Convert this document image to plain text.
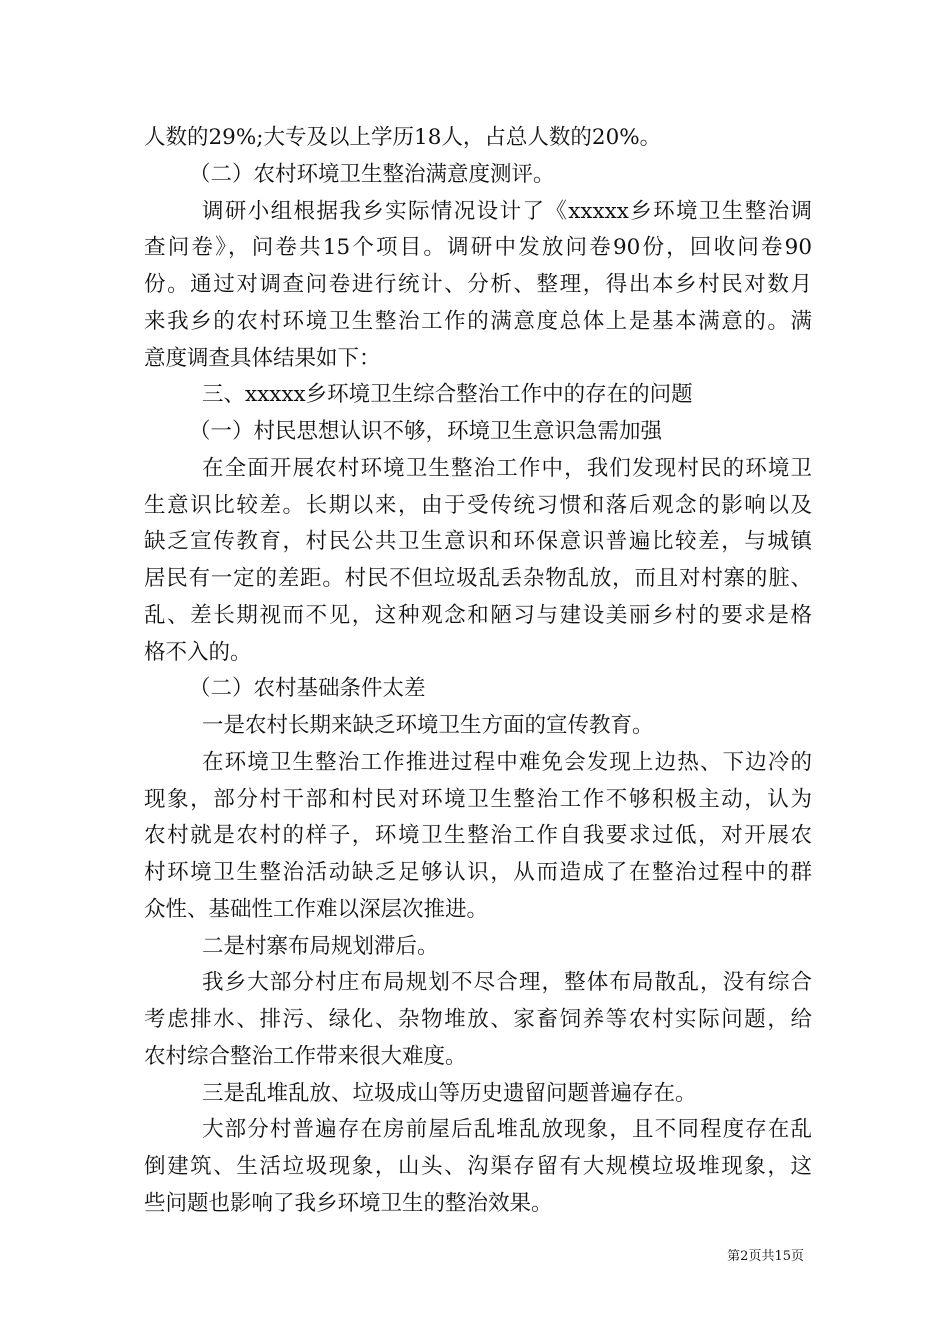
人数的29%;大专及以上学历18人，占总人数的20%。
（二）农村环境卫生整治满意度测评。
调研小组根据我乡实际情况设计了《xxxxx乡环境卫生整治调
查问卷》，问卷共15个项目。调研中发放问卷90份，回收问卷90
份。通过对调查问卷进行统计、分析、整理，得出本乡村民对数月
来我乡的农村环境卫生整治工作的满意度总体上是基本满意的。满
意度调查具体结果如下：
三、xxxxx乡环境卫生综合整治工作中的存在的问题
（一）村民思想认识不够，环境卫生意识急需加强
在全面开展农村环境卫生整治工作中，我们发现村民的环境卫
生意识比较差。长期以来，由于受传统习惯和落后观念的影响以及
缺乏宣传教育，村民公共卫生意识和环保意识普遍比较差，与城镇
居民有一定的差距。村民不但垃圾乱丢杂物乱放，而且对村寨的脏、
乱、差长期视而不见，这种观念和陋习与建设美丽乡村的要求是格
格不入的。
（二）农村基础条件太差
一是农村长期来缺乏环境卫生方面的宣传教育。
在环境卫生整治工作推进过程中难免会发现上边热、下边冷的
现象，部分村干部和村民对环境卫生整治工作不够积极主动，认为
农村就是农村的样子，环境卫生整治工作自我要求过低，对开展农
村环境卫生整治活动缺乏足够认识，从而造成了在整治过程中的群
众性、基础性工作难以深层次推进。
二是村寨布局规划滞后。
我乡大部分村庄布局规划不尽合理，整体布局散乱，没有综合
考虑排水、排污、绿化、杂物堆放、家畜饲养等农村实际问题，给
农村综合整治工作带来很大难度。
三是乱堆乱放、垃圾成山等历史遗留问题普遍存在。
大部分村普遍存在房前屋后乱堆乱放现象，且不同程度存在乱
倒建筑、生活垃圾现象，山头、沟渠存留有大规模垃圾堆现象，这
些问题也影响了我乡环境卫生的整治效果。
第2页共15页
